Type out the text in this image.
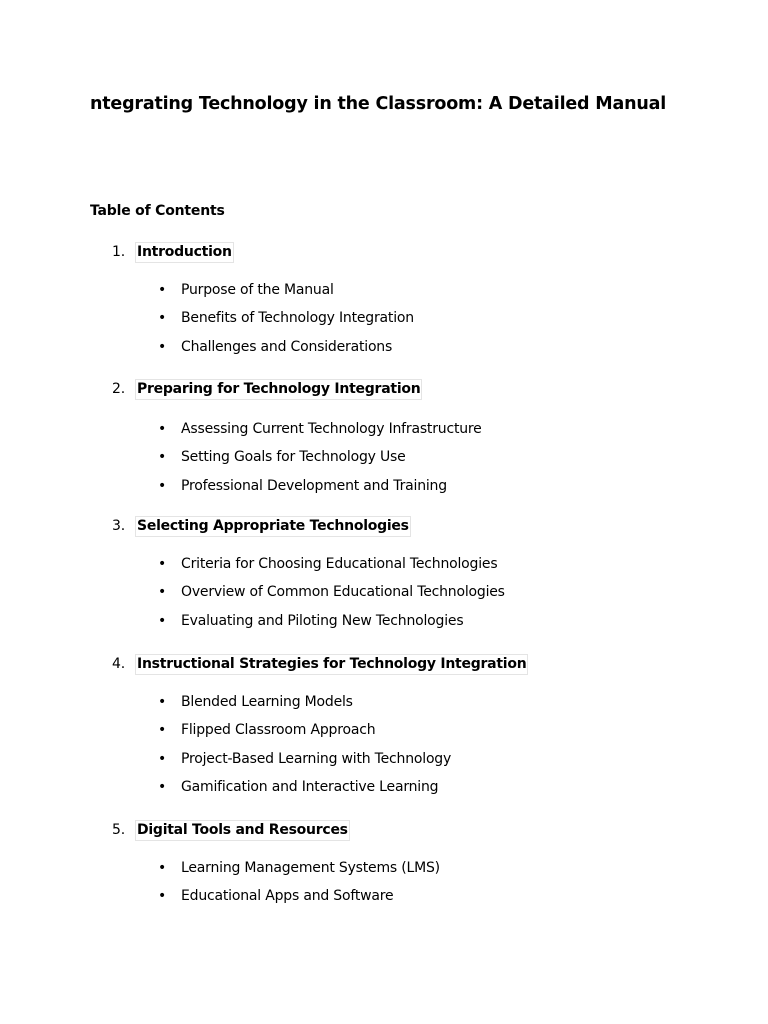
ntegrating Technology in the Classroom: A Detailed Manual
Table of Contents
1. Introduction
• Purpose of the Manual
• Benefits of Technology Integration
• Challenges and Considerations
2. Preparing for Technology Integration
• Assessing Current Technology Infrastructure
• Setting Goals for Technology Use
• Professional Development and Training
3. Selecting Appropriate Technologies
• Criteria for Choosing Educational Technologies
• Overview of Common Educational Technologies
• Evaluating and Piloting New Technologies
4. Instructional Strategies for Technology Integration
• Blended Learning Models
• Flipped Classroom Approach
• Project-Based Learning with Technology
• Gamification and Interactive Learning
5. Digital Tools and Resources
• Learning Management Systems (LMS)
• Educational Apps and Software
